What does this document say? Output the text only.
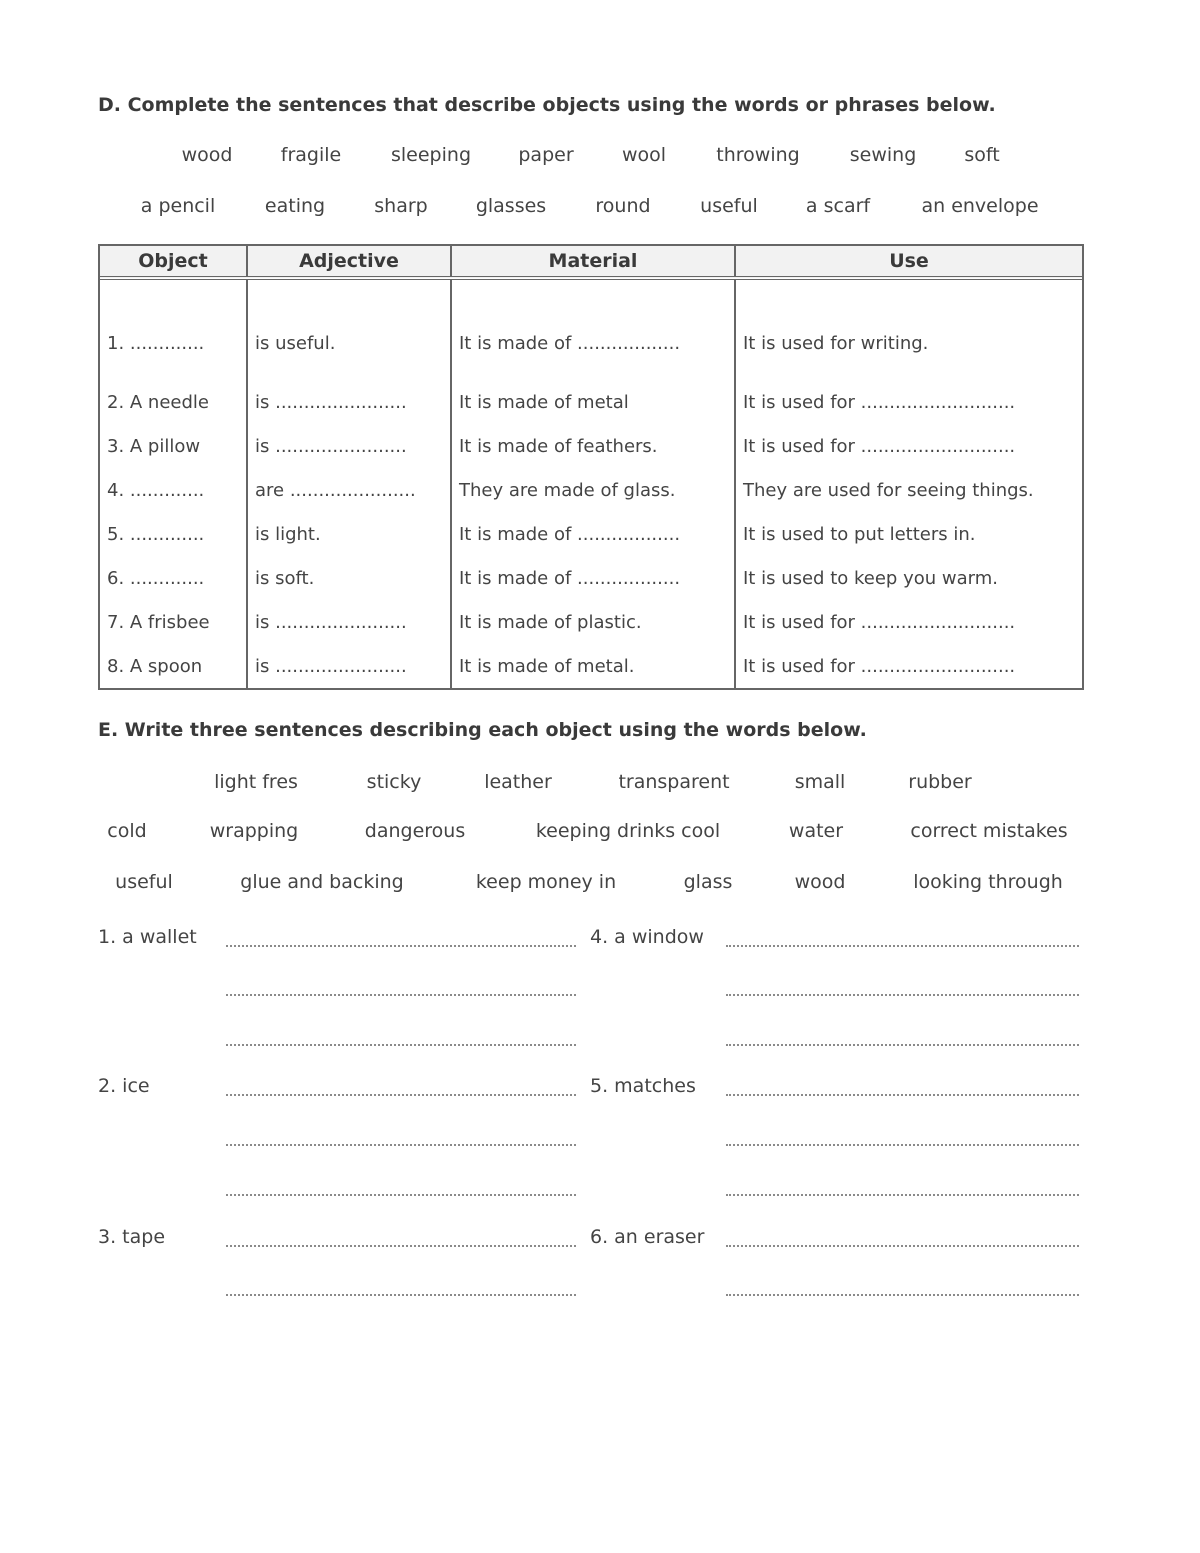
D. Complete the sentences that describe objects using the words or phrases below.
wood	fragile	sleeping paper	wool	throwing	sewing	soft
a pencil	eating	sharp	glasses	round	useful	a scarf	an envelope
Object	Adjective	Material	Use
1. .............	is useful.	It is made of ..................	It is used for writing.
2. A needle	is .......................	It is made of metal	It is used for ...........................
3. A pillow	is .......................	It is made of feathers.	It is used for ...........................
4. .............	are ......................	They are made of glass.	They are used for seeing things.
5. .............	is light.	It is made of ..................	It is used to put letters in.
6. .............	is soft.	It is made of ..................	It is used to keep you warm.
7. A frisbee	is .......................	It is made of plastic.	It is used for ...........................
8. A spoon	is .......................	It is made of metal.	It is used for ...........................
E. Write three sentences describing each object using the words below.
light fres	sticky	leather	transparent	small	rubber
cold	wrapping	dangerous	keeping drinks cool	water	correct mistakes
useful	glue and backing	keep money in	glass	wood	looking through
1. a wallet
2. ice
3. tape
4. a window
5. matches
6. an eraser
